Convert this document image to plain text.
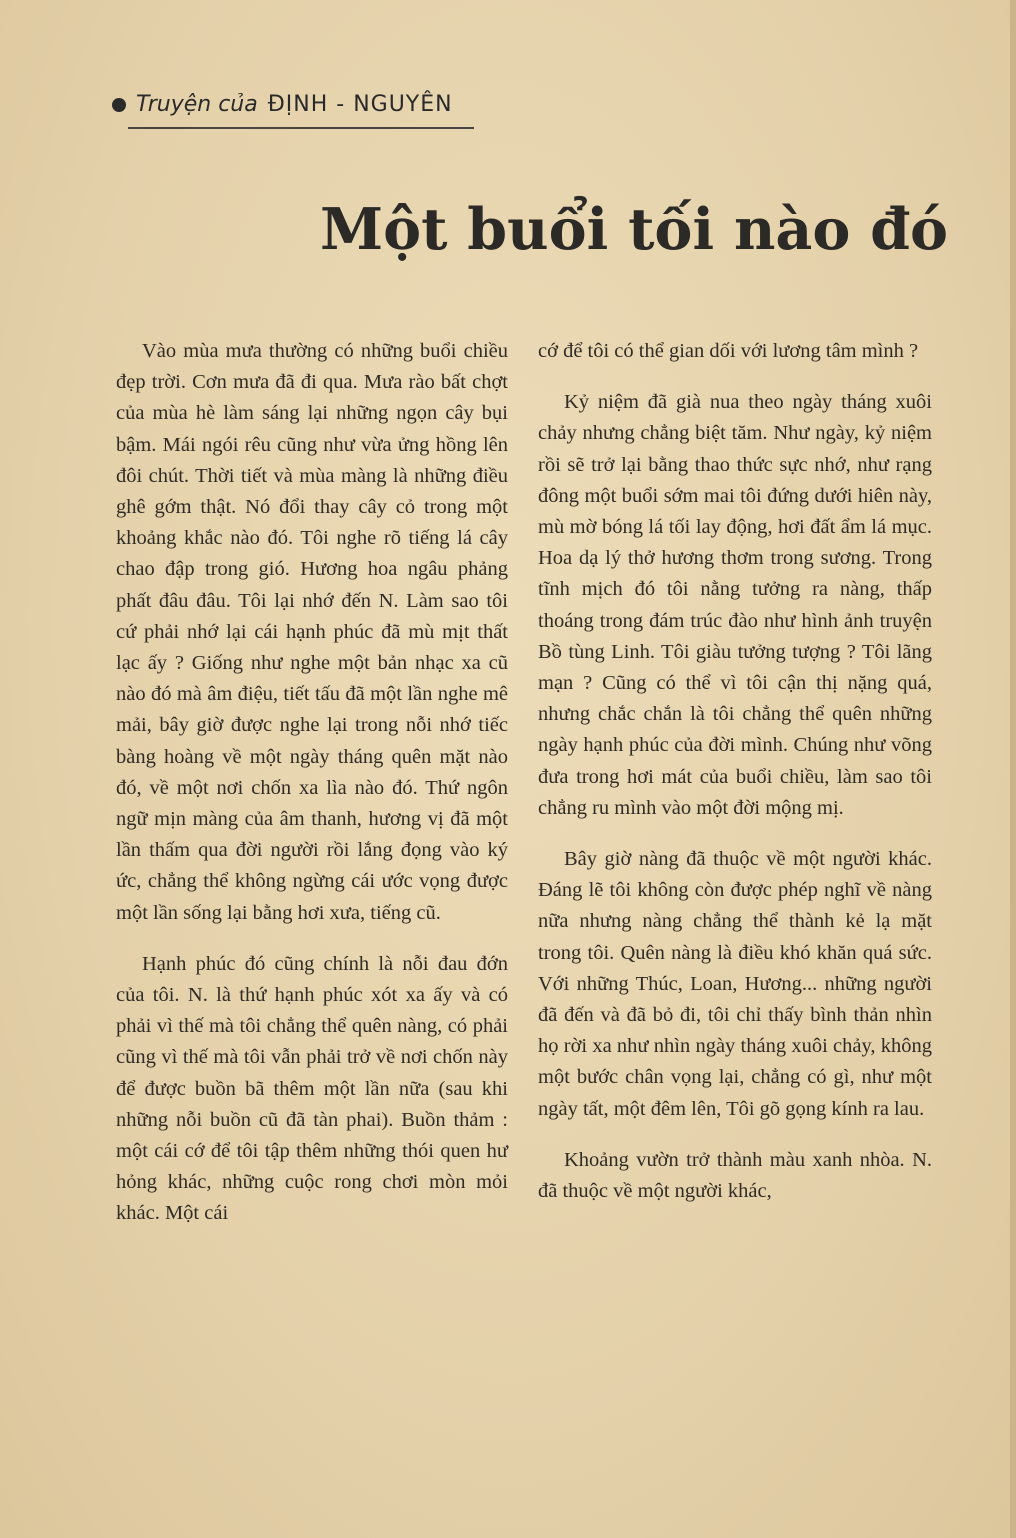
Truyện của ĐỊNH - NGUYÊN
Một buổi tối nào đó

Vào mùa mưa thường có những buổi chiều đẹp trời. Cơn mưa đã đi qua. Mưa rào bất chợt của mùa hè làm sáng lại những ngọn cây bụi bậm. Mái ngói rêu cũng như vừa ửng hồng lên đôi chút. Thời tiết và mùa màng là những điều ghê gớm thật. Nó đổi thay cây cỏ trong một khoảng khắc nào đó. Tôi nghe rõ tiếng lá cây chao đập trong gió. Hương hoa ngâu phảng phất đâu đâu. Tôi lại nhớ đến N. Làm sao tôi cứ phải nhớ lại cái hạnh phúc đã mù mịt thất lạc ấy ? Giống như nghe một bản nhạc xa cũ nào đó mà âm điệu, tiết tấu đã một lần nghe mê mải, bây giờ được nghe lại trong nỗi nhớ tiếc bàng hoàng về một ngày tháng quên mặt nào đó, về một nơi chốn xa lìa nào đó. Thứ ngôn ngữ mịn màng của âm thanh, hương vị đã một lần thấm qua đời người rồi lắng đọng vào ký ức, chẳng thể không ngừng cái ước vọng được một lần sống lại bằng hơi xưa, tiếng cũ.

Hạnh phúc đó cũng chính là nỗi đau đớn của tôi. N. là thứ hạnh phúc xót xa ấy và có phải vì thế mà tôi chẳng thể quên nàng, có phải cũng vì thế mà tôi vẫn phải trở về nơi chốn này để được buồn bã thêm một lần nữa (sau khi những nỗi buồn cũ đã tàn phai). Buồn thảm : một cái cớ để tôi tập thêm những thói quen hư hỏng khác, những cuộc rong chơi mòn mỏi khác. Một cái

cớ để tôi có thể gian dối với lương tâm mình ?

Kỷ niệm đã già nua theo ngày tháng xuôi chảy nhưng chẳng biệt tăm. Như ngày, kỷ niệm rồi sẽ trở lại bằng thao thức sực nhớ, như rạng đông một buổi sớm mai tôi đứng dưới hiên này, mù mờ bóng lá tối lay động, hơi đất ẩm lá mục. Hoa dạ lý thở hương thơm trong sương. Trong tĩnh mịch đó tôi nằng tưởng ra nàng, thấp thoáng trong đám trúc đào như hình ảnh truyện Bồ tùng Linh. Tôi giàu tưởng tượng ? Tôi lãng mạn ? Cũng có thể vì tôi cận thị nặng quá, nhưng chắc chắn là tôi chẳng thể quên những ngày hạnh phúc của đời mình. Chúng như võng đưa trong hơi mát của buổi chiều, làm sao tôi chẳng ru mình vào một đời mộng mị.

Bây giờ nàng đã thuộc về một người khác. Đáng lẽ tôi không còn được phép nghĩ về nàng nữa nhưng nàng chẳng thể thành kẻ lạ mặt trong tôi. Quên nàng là điều khó khăn quá sức. Với những Thúc, Loan, Hương... những người đã đến và đã bỏ đi, tôi chỉ thấy bình thản nhìn họ rời xa như nhìn ngày tháng xuôi chảy, không một bước chân vọng lại, chẳng có gì, như một ngày tất, một đêm lên, Tôi gõ gọng kính ra lau.

Khoảng vườn trở thành màu xanh nhòa. N. đã thuộc về một người khác,
